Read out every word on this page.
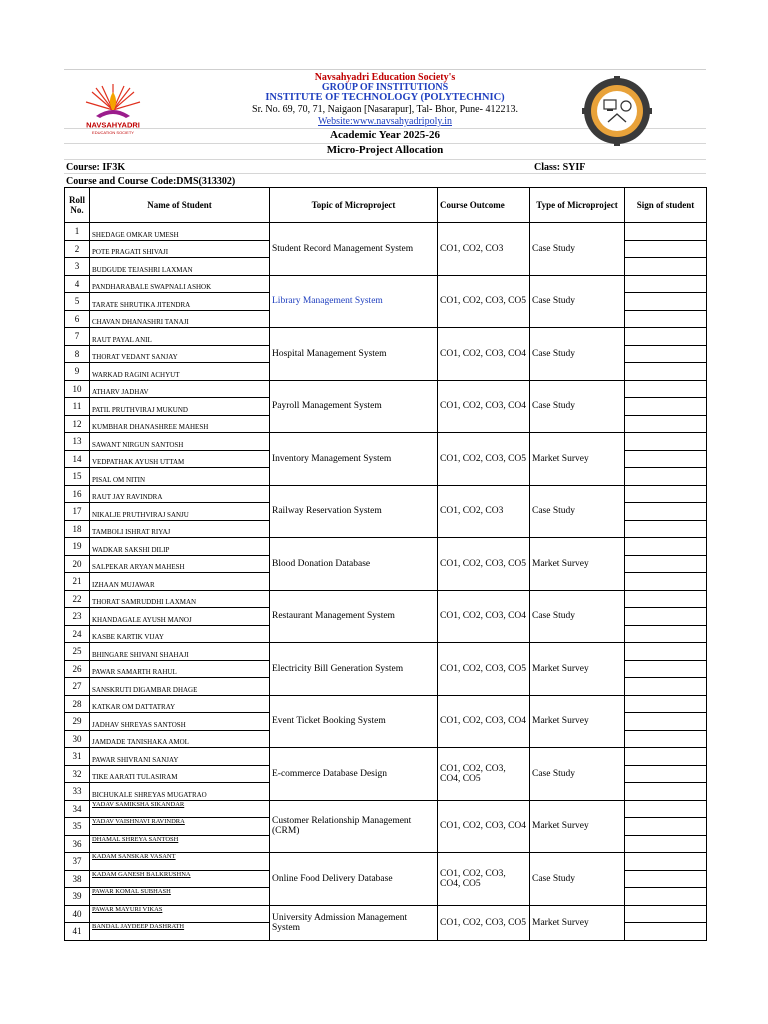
NAVSAHYADRI
EDUCATION SOCIETY
Navsahyadri Education Society's
GROUP OF INSTITUTIONS
INSTITUTE OF TECHNOLOGY (POLYTECHNIC)
Sr. No. 69, 70, 71, Naigaon [Nasarapur], Tal- Bhor, Pune- 412213.
Website:www.navsahyadripoly.in
Academic Year 2025-26
Micro-Project Allocation
Course: IF3K	Class: SYIF
Course and Course Code:DMS(313302)
Roll No.	Name of Student	Topic of Microproject	Course Outcome	Type of Microproject	Sign of student
1	SHEDAGE OMKAR UMESH	Student Record Management System	CO1, CO2, CO3	Case Study	
2	POTE PRAGATI SHIVAJI				
3	BUDGUDE TEJASHRI LAXMAN				
4	PANDHARABALE SWAPNALI ASHOK	Library Management System	CO1, CO2, CO3, CO5	Case Study	
5	TARATE SHRUTIKA JITENDRA				
6	CHAVAN DHANASHRI TANAJI				
7	RAUT PAYAL ANIL	Hospital Management System	CO1, CO2, CO3, CO4	Case Study	
8	THORAT VEDANT SANJAY				
9	WARKAD RAGINI ACHYUT				
10	ATHARV JADHAV	Payroll Management System	CO1, CO2, CO3, CO4	Case Study	
11	PATIL PRUTHVIRAJ MUKUND				
12	KUMBHAR DHANASHREE MAHESH				
13	SAWANT NIRGUN SANTOSH	Inventory Management System	CO1, CO2, CO3, CO5	Market Survey	
14	VEDPATHAK AYUSH UTTAM				
15	PISAL OM NITIN				
16	RAUT JAY RAVINDRA	Railway Reservation System	CO1, CO2, CO3	Case Study	
17	NIKALJE PRUTHVIRAJ SANJU				
18	TAMBOLI ISHRAT RIYAJ				
19	WADKAR SAKSHI DILIP	Blood Donation Database	CO1, CO2, CO3, CO5	Market Survey	
20	SALPEKAR ARYAN MAHESH				
21	IZHAAN MUJAWAR				
22	THORAT SAMRUDDHI LAXMAN	Restaurant Management System	CO1, CO2, CO3, CO4	Case Study	
23	KHANDAGALE AYUSH MANOJ				
24	KASBE KARTIK VIJAY				
25	BHINGARE SHIVANI SHAHAJI	Electricity Bill Generation System	CO1, CO2, CO3, CO5	Market Survey	
26	PAWAR SAMARTH RAHUL				
27	SANSKRUTI DIGAMBAR DHAGE				
28	KATKAR OM DATTATRAY	Event Ticket Booking System	CO1, CO2, CO3, CO4	Market Survey	
29	JADHAV SHREYAS SANTOSH				
30	JAMDADE TANISHAKA AMOL				
31	PAWAR SHIVRANI SANJAY	E-commerce Database Design	CO1, CO2, CO3, CO4, CO5	Case Study	
32	TIKE AARATI TULASIRAM				
33	BICHUKALE SHREYAS MUGATRAO				
34	YADAV SAMIKSHA SIKANDAR	Customer Relationship Management (CRM)	CO1, CO2, CO3, CO4	Market Survey	
35	YADAV VAISHNAVI RAVINDRA				
36	DHAMAL SHREYA SANTOSH				
37	KADAM SANSKAR VASANT	Online Food Delivery Database	CO1, CO2, CO3, CO4, CO5	Case Study	
38	KADAM GANESH BALKRUSHNA				
39	PAWAR KOMAL SUBHASH				
40	PAWAR MAYURI VIKAS	University Admission Management System	CO1, CO2, CO3, CO5	Market Survey	
41	BANDAL JAYDEEP DASHRATH				
